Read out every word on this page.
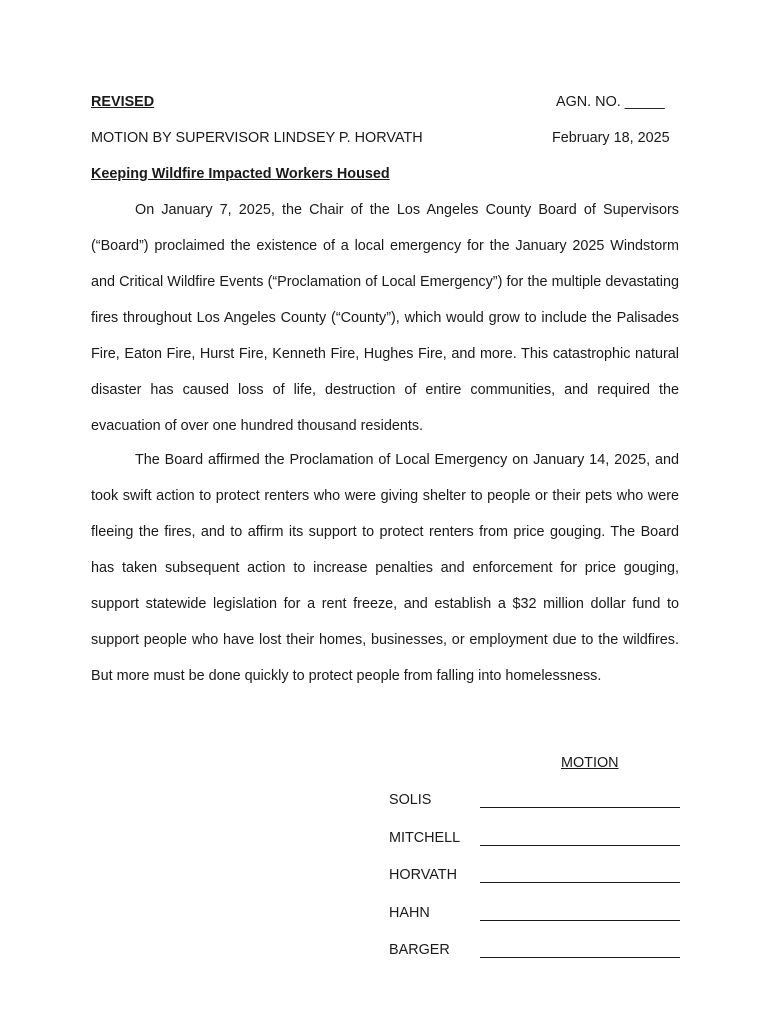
REVISED	AGN. NO. _____
MOTION BY SUPERVISOR LINDSEY P. HORVATH	February 18, 2025
Keeping Wildfire Impacted Workers Housed

On January 7, 2025, the Chair of the Los Angeles County Board of Supervisors (“Board”) proclaimed the existence of a local emergency for the January 2025 Windstorm and Critical Wildfire Events (“Proclamation of Local Emergency”) for the multiple devastating fires throughout Los Angeles County (“County”), which would grow to include the Palisades Fire, Eaton Fire, Hurst Fire, Kenneth Fire, Hughes Fire, and more. This catastrophic natural disaster has caused loss of life, destruction of entire communities, and required the evacuation of over one hundred thousand residents.

The Board affirmed the Proclamation of Local Emergency on January 14, 2025, and took swift action to protect renters who were giving shelter to people or their pets who were fleeing the fires, and to affirm its support to protect renters from price gouging. The Board has taken subsequent action to increase penalties and enforcement for price gouging, support statewide legislation for a rent freeze, and establish a $32 million dollar fund to support people who have lost their homes, businesses, or employment due to the wildfires. But more must be done quickly to protect people from falling into homelessness.

MOTION
SOLIS
MITCHELL
HORVATH
HAHN
BARGER
